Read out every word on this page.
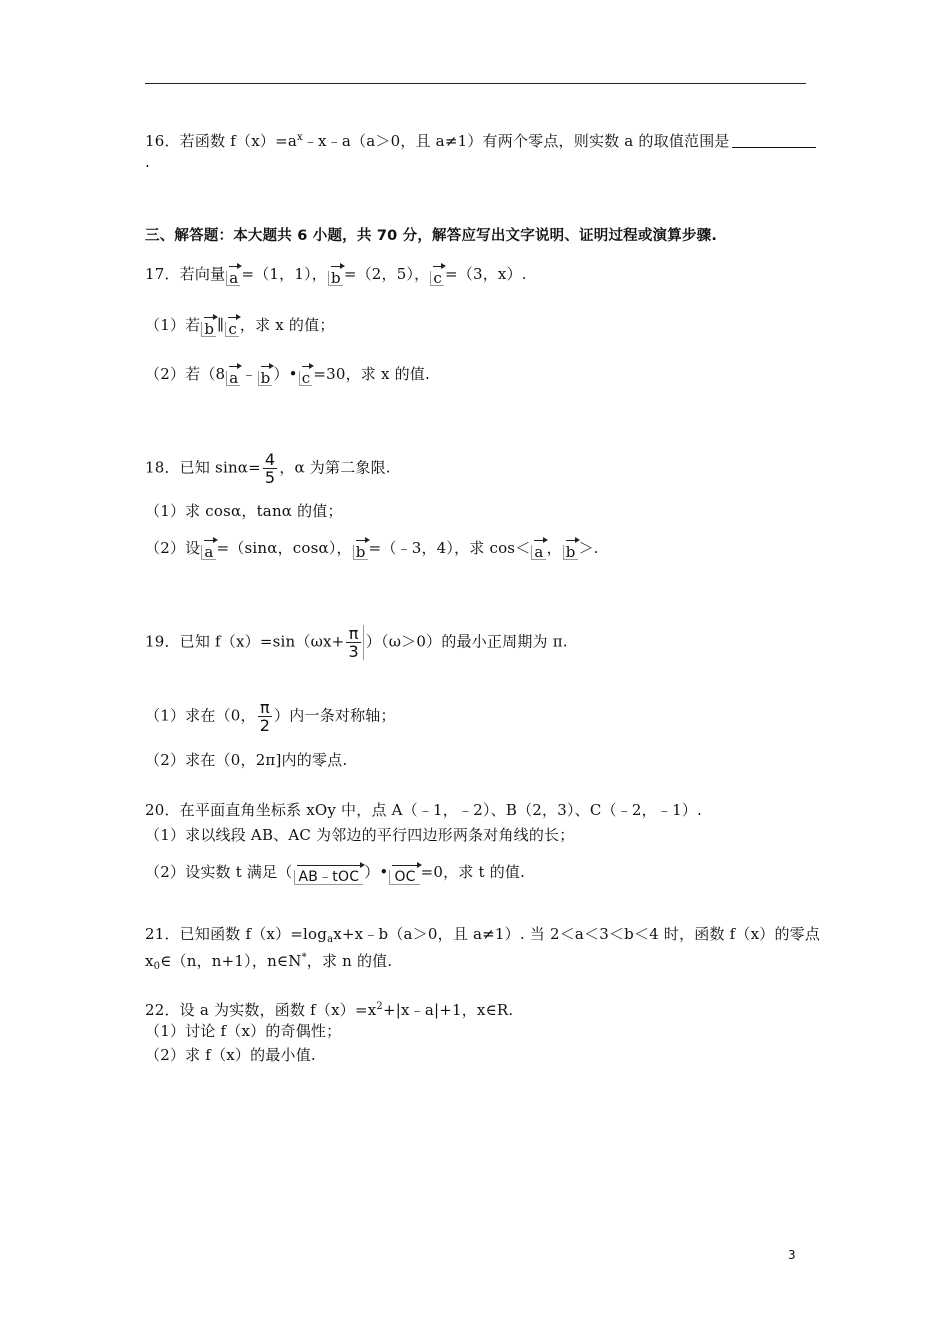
16．若函数 $f(x)=a^x﹣x﹣a(a>0$，且 a≠1）有两个零点，则实数 a 的取值范围是
.
三、解答题：本大题共 6 小题，共 70 分，解答应写出文字说明、证明过程或演算步骤.
17．若向量 a =（1，1）， b =（2，5）， c =（3，x）.
（1）若 b ∥ c ，求 x 的值；
（2）若（8 a ﹣ b ）• c =30，求 x 的值.
18．已知 $\sin\alpha= \frac{4}{5}$ ，α 为第二象限.
（1）求 cosα，tanα 的值；
（2）设 a =（sinα，cosα）， b =（﹣3，4），求 cos＜ a ， b ＞.
19．已知 $f(x)=\sin(\omega x+ \frac{\pi}{3} )(\omega>0)$的最小正周期为 π.
（1）求在（0， $\frac{\pi}{2}$ ）内一条对称轴；
（2）求在（0，2π]内的零点.
20．在平面直角坐标系 xOy 中，点 A（﹣1，﹣2）、B（2，3）、C（﹣2，﹣1）.
（1）求以线段 AB、AC 为邻边的平行四边形两条对角线的长；
（2）设实数 t 满足（ AB﹣tOC ）• OC =0，求 t 的值.
21．已知函数 $f(x)=\log_ax+x﹣b(a>0$，且 a≠1）. 当 2＜a＜3＜b＜4 时，函数 f（x）的零点
$x_0\in(n$，n+1），n∈N*，求 n 的值.
22．设 a 为实数，函数 $f(x)=x^2+|x﹣a|+1$，x∈R.
（1）讨论 f（x）的奇偶性；
（2）求 f（x）的最小值.
3
